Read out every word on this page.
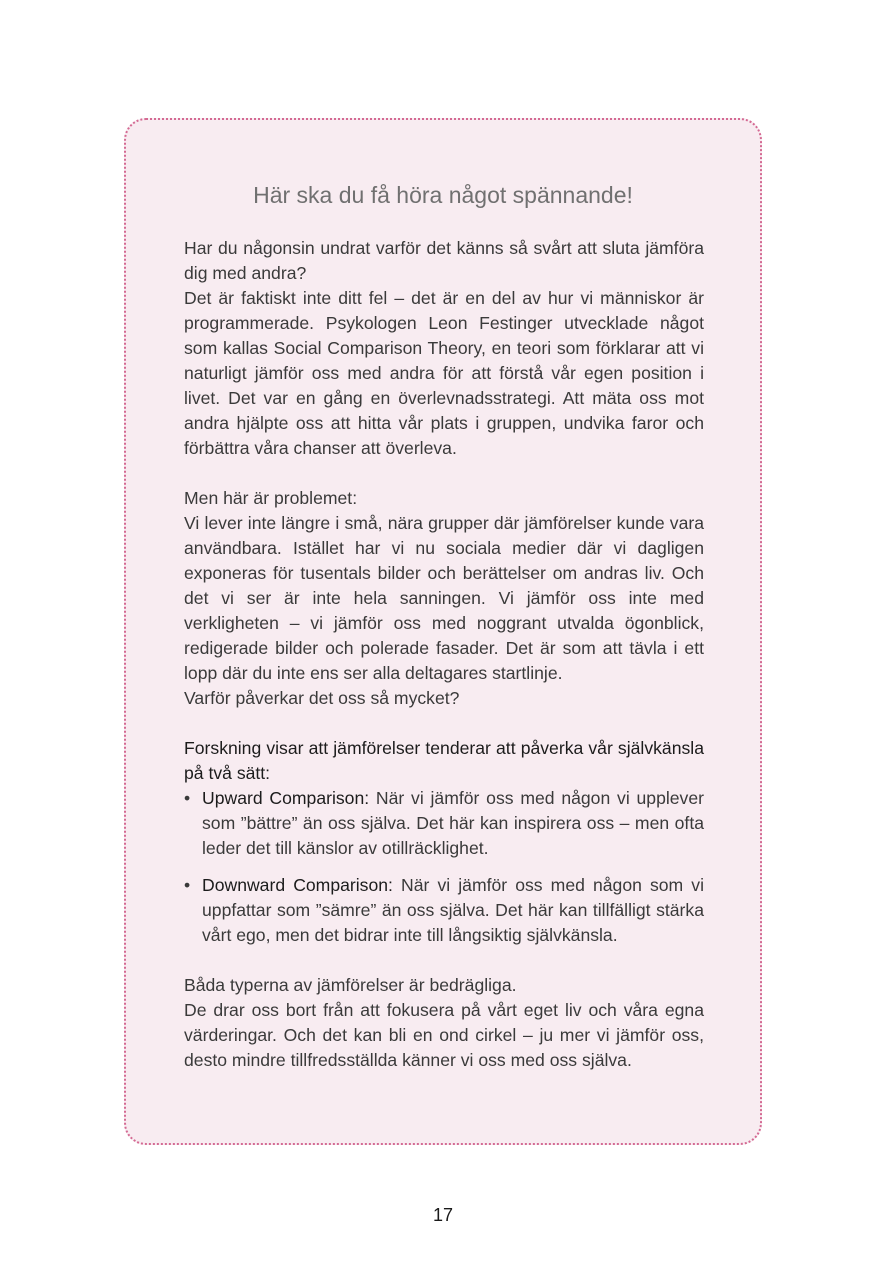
Här ska du få höra något spännande!

Har du någonsin undrat varför det känns så svårt att sluta jämföra dig med andra?

Det är faktiskt inte ditt fel – det är en del av hur vi människor är programmerade. Psykologen Leon Festinger utvecklade något som kallas Social Comparison Theory, en teori som förklarar att vi naturligt jämför oss med andra för att förstå vår egen position i livet. Det var en gång en överlevnadsstrategi. Att mäta oss mot andra hjälpte oss att hitta vår plats i gruppen, undvika faror och förbättra våra chanser att överleva.

Men här är problemet:

Vi lever inte längre i små, nära grupper där jämförelser kunde vara användbara. Istället har vi nu sociala medier där vi dagligen exponeras för tusentals bilder och berättelser om andras liv. Och det vi ser är inte hela sanningen. Vi jämför oss inte med verkligheten – vi jämför oss med noggrant utvalda ögonblick, redigerade bilder och polerade fasader. Det är som att tävla i ett lopp där du inte ens ser alla deltagares startlinje.

Varför påverkar det oss så mycket?

Forskning visar att jämförelser tenderar att påverka vår självkänsla på två sätt:

• Upward Comparison: När vi jämför oss med någon vi upplever som ”bättre” än oss själva. Det här kan inspirera oss – men ofta leder det till känslor av otillräcklighet.
• Downward Comparison: När vi jämför oss med någon som vi uppfattar som ”sämre” än oss själva. Det här kan tillfälligt stärka vårt ego, men det bidrar inte till långsiktig självkänsla.

Båda typerna av jämförelser är bedrägliga.

De drar oss bort från att fokusera på vårt eget liv och våra egna värderingar. Och det kan bli en ond cirkel – ju mer vi jämför oss, desto mindre tillfredsställda känner vi oss med oss själva.

17
